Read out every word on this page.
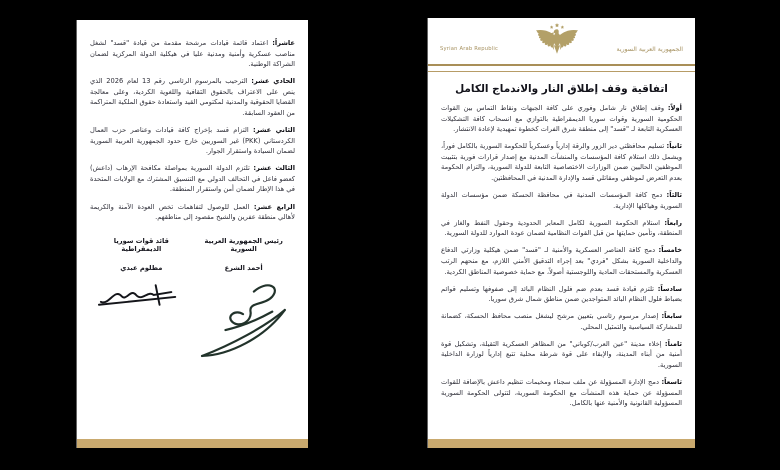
عاشراً: اعتماد قائمة قيادات مرشحة مقدمة من قيادة "قسد" لشغل مناصب عسكرية وأمنية ومدنية عليا في هيكلية الدولة المركزية لضمان الشراكة الوطنية.

الحادي عشر: الترحيب بالمرسوم الرئاسي رقم 13 لعام 2026 الذي ينص على الاعتراف بالحقوق الثقافية واللغوية الكردية، وعلى معالجة القضايا الحقوقية والمدنية لمكتومي القيد واستعادة حقوق الملكية المتراكمة من العقود السابقة.

الثاني عشر: التزام قسد بإخراج كافة قيادات وعناصر حزب العمال الكردستاني (PKK) غير السوريين خارج حدود الجمهورية العربية السورية لضمان السيادة واستقرار الجوار.

الثالث عشر: تلتزم الدولة السورية بمواصلة مكافحة الإرهاب (داعش) كعضو فاعل في التحالف الدولي مع التنسيق المشترك مع الولايات المتحدة في هذا الإطار لضمان أمن واستقرار المنطقة.

الرابع عشر: العمل للوصول لتفاهمات تخص العودة الآمنة والكريمة لأهالي منطقة عفرين والشيخ مقصود إلى مناطقهم.

رئيس الجمهورية العربية السورية
أحمد الشرع
قائد قوات سوريا الديمقراطية
مظلوم عبدي
Syrian Arab Republic	الجمهورية العربية السورية
اتفاقية وقف إطلاق النار والاندماج الكامل

أولاً: وقف إطلاق نار شامل وفوري على كافة الجبهات ونقاط التماس بين القوات الحكومية السورية وقوات سوريا الديمقراطية بالتوازي مع انسحاب كافة التشكيلات العسكرية التابعة لـ "قسد" إلى منطقة شرق الفرات كخطوة تمهيدية لإعادة الانتشار.

ثانياً: تسليم محافظتي دير الزور والرقة إدارياً وعسكرياً للحكومة السورية بالكامل فوراً، ويشمل ذلك استلام كافة المؤسسات والمنشآت المدنية مع إصدار قرارات فورية بتثبيت الموظفين الحاليين ضمن الوزارات الاختصاصية التابعة للدولة السورية، والتزام الحكومة بعدم التعرض لموظفي ومقاتلي قسد والإدارة المدنية في المحافظتين.

ثالثاً: دمج كافة المؤسسات المدنية في محافظة الحسكة ضمن مؤسسات الدولة السورية وهياكلها الإدارية.

رابعاً: استلام الحكومة السورية لكامل المعابر الحدودية وحقول النفط والغاز في المنطقة، وتأمين حمايتها من قبل القوات النظامية لضمان عودة الموارد للدولة السورية.

خامساً: دمج كافة العناصر العسكرية والأمنية لـ "قسد" ضمن هيكلية وزارتي الدفاع والداخلية السورية بشكل "فردي" بعد إجراء التدقيق الأمني اللازم، مع منحهم الرتب العسكرية والمستحقات المادية واللوجستية أصولاً، مع حماية خصوصية المناطق الكردية.

سادساً: تلتزم قيادة قسد بعدم ضم فلول النظام البائد إلى صفوفها وتسليم قوائم بضباط فلول النظام البائد المتواجدين ضمن مناطق شمال شرق سوريا.

سابعاً: إصدار مرسوم رئاسي بتعيين مرشح ليشغل منصب محافظ الحسكة، كضمانة للمشاركة السياسية والتمثيل المحلي.

ثامناً: إخلاء مدينة "عين العرب/كوباني" من المظاهر العسكرية الثقيلة، وتشكيل قوة أمنية من أبناء المدينة، والإبقاء على قوة شرطة محلية تتبع إدارياً لوزارة الداخلية السورية.

تاسعاً: دمج الإدارة المسؤولة عن ملف سجناء ومخيمات تنظيم داعش بالإضافة للقوات المسؤولة عن حماية هذه المنشآت مع الحكومة السورية، لتتولى الحكومة السورية المسؤولية القانونية والأمنية عنها بالكامل.
